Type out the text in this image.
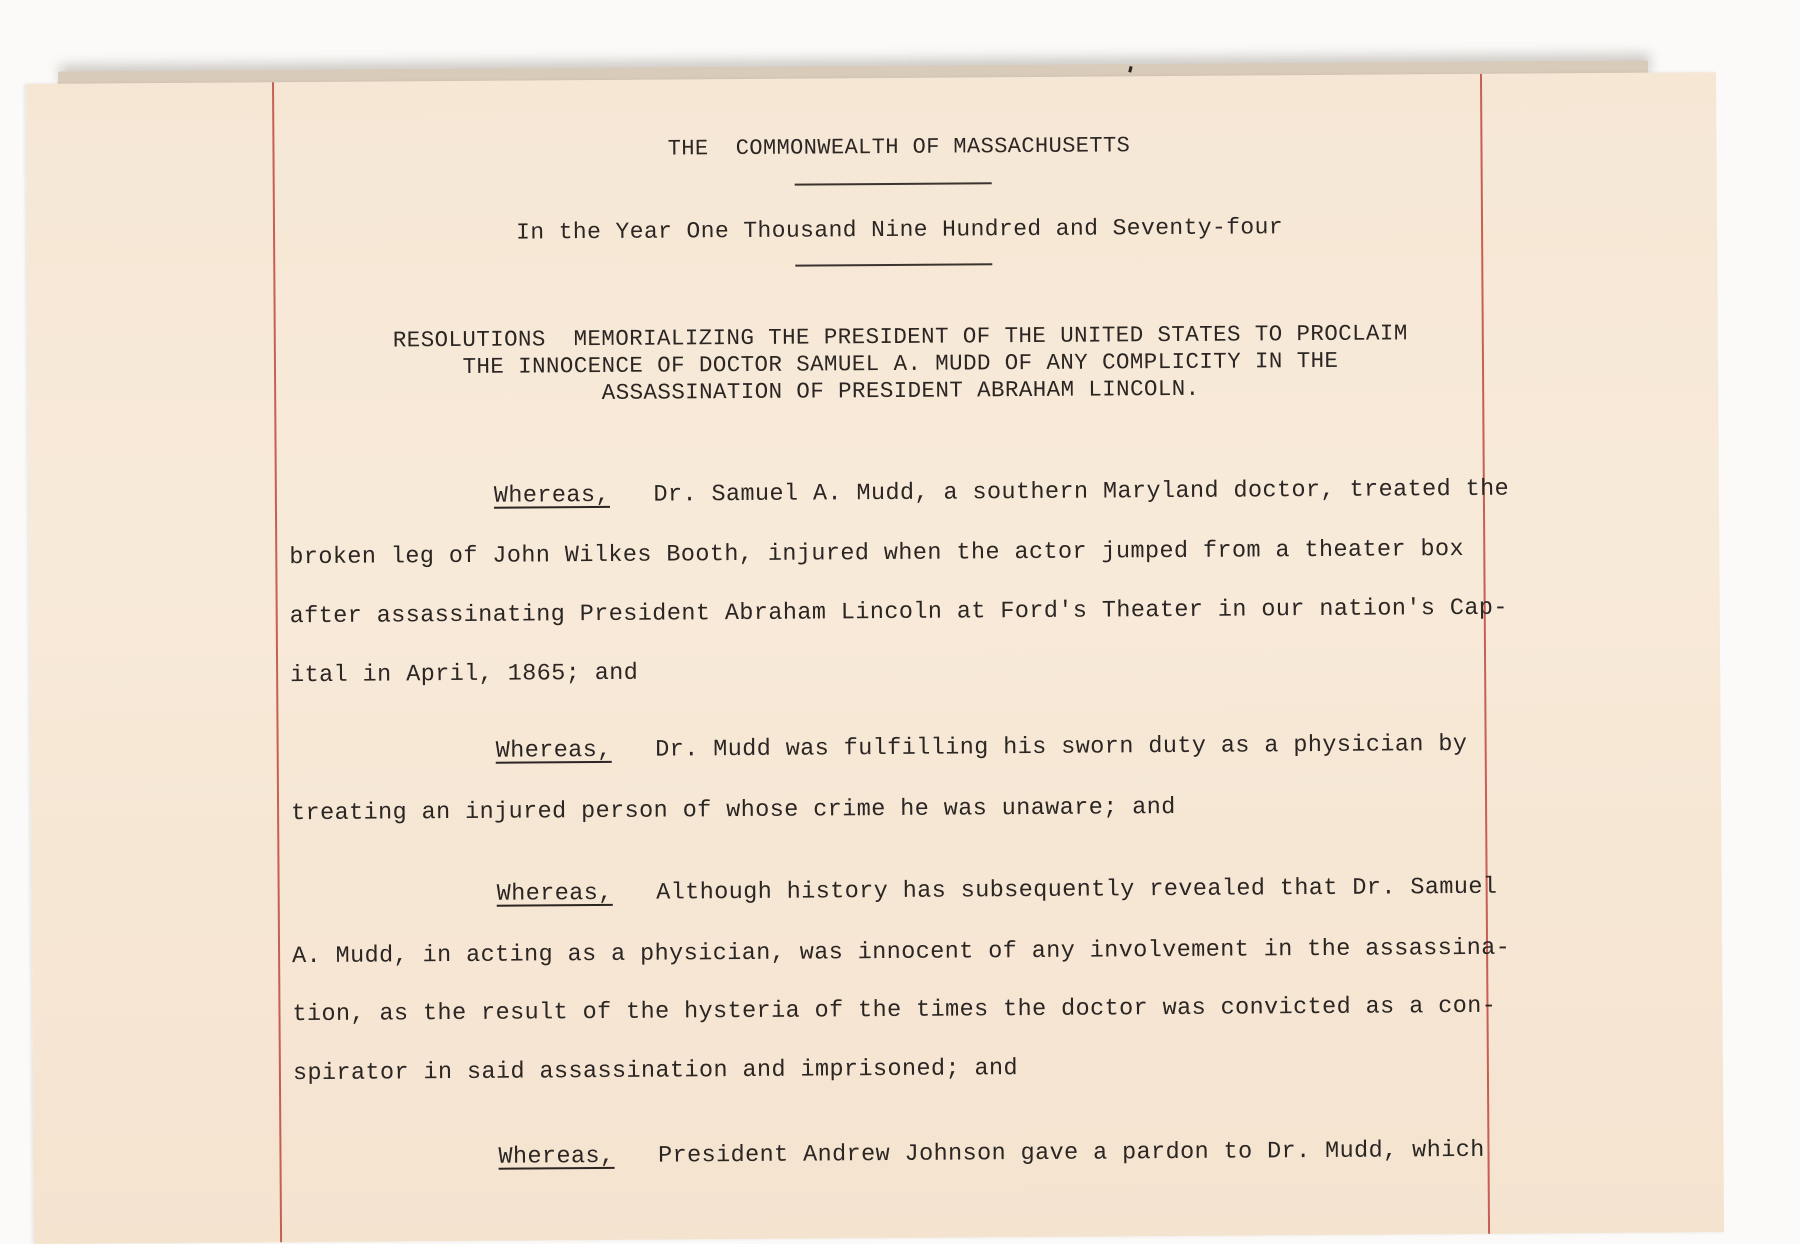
THE  COMMONWEALTH OF MASSACHUSETTS
In the Year One Thousand Nine Hundred and Seventy-four
RESOLUTIONS  MEMORIALIZING THE PRESIDENT OF THE UNITED STATES TO PROCLAIM
THE INNOCENCE OF DOCTOR SAMUEL A. MUDD OF ANY COMPLICITY IN THE
ASSASSINATION OF PRESIDENT ABRAHAM LINCOLN.
Whereas, Dr. Samuel A. Mudd, a southern Maryland doctor, treated the
broken leg of John Wilkes Booth, injured when the actor jumped from a theater box
after assassinating President Abraham Lincoln at Ford's Theater in our nation's Cap-
ital in April, 1865; and
Whereas, Dr. Mudd was fulfilling his sworn duty as a physician by
treating an injured person of whose crime he was unaware; and
Whereas, Although history has subsequently revealed that Dr. Samuel
A. Mudd, in acting as a physician, was innocent of any involvement in the assassina-
tion, as the result of the hysteria of the times the doctor was convicted as a con-
spirator in said assassination and imprisoned; and
Whereas, President Andrew Johnson gave a pardon to Dr. Mudd, which
